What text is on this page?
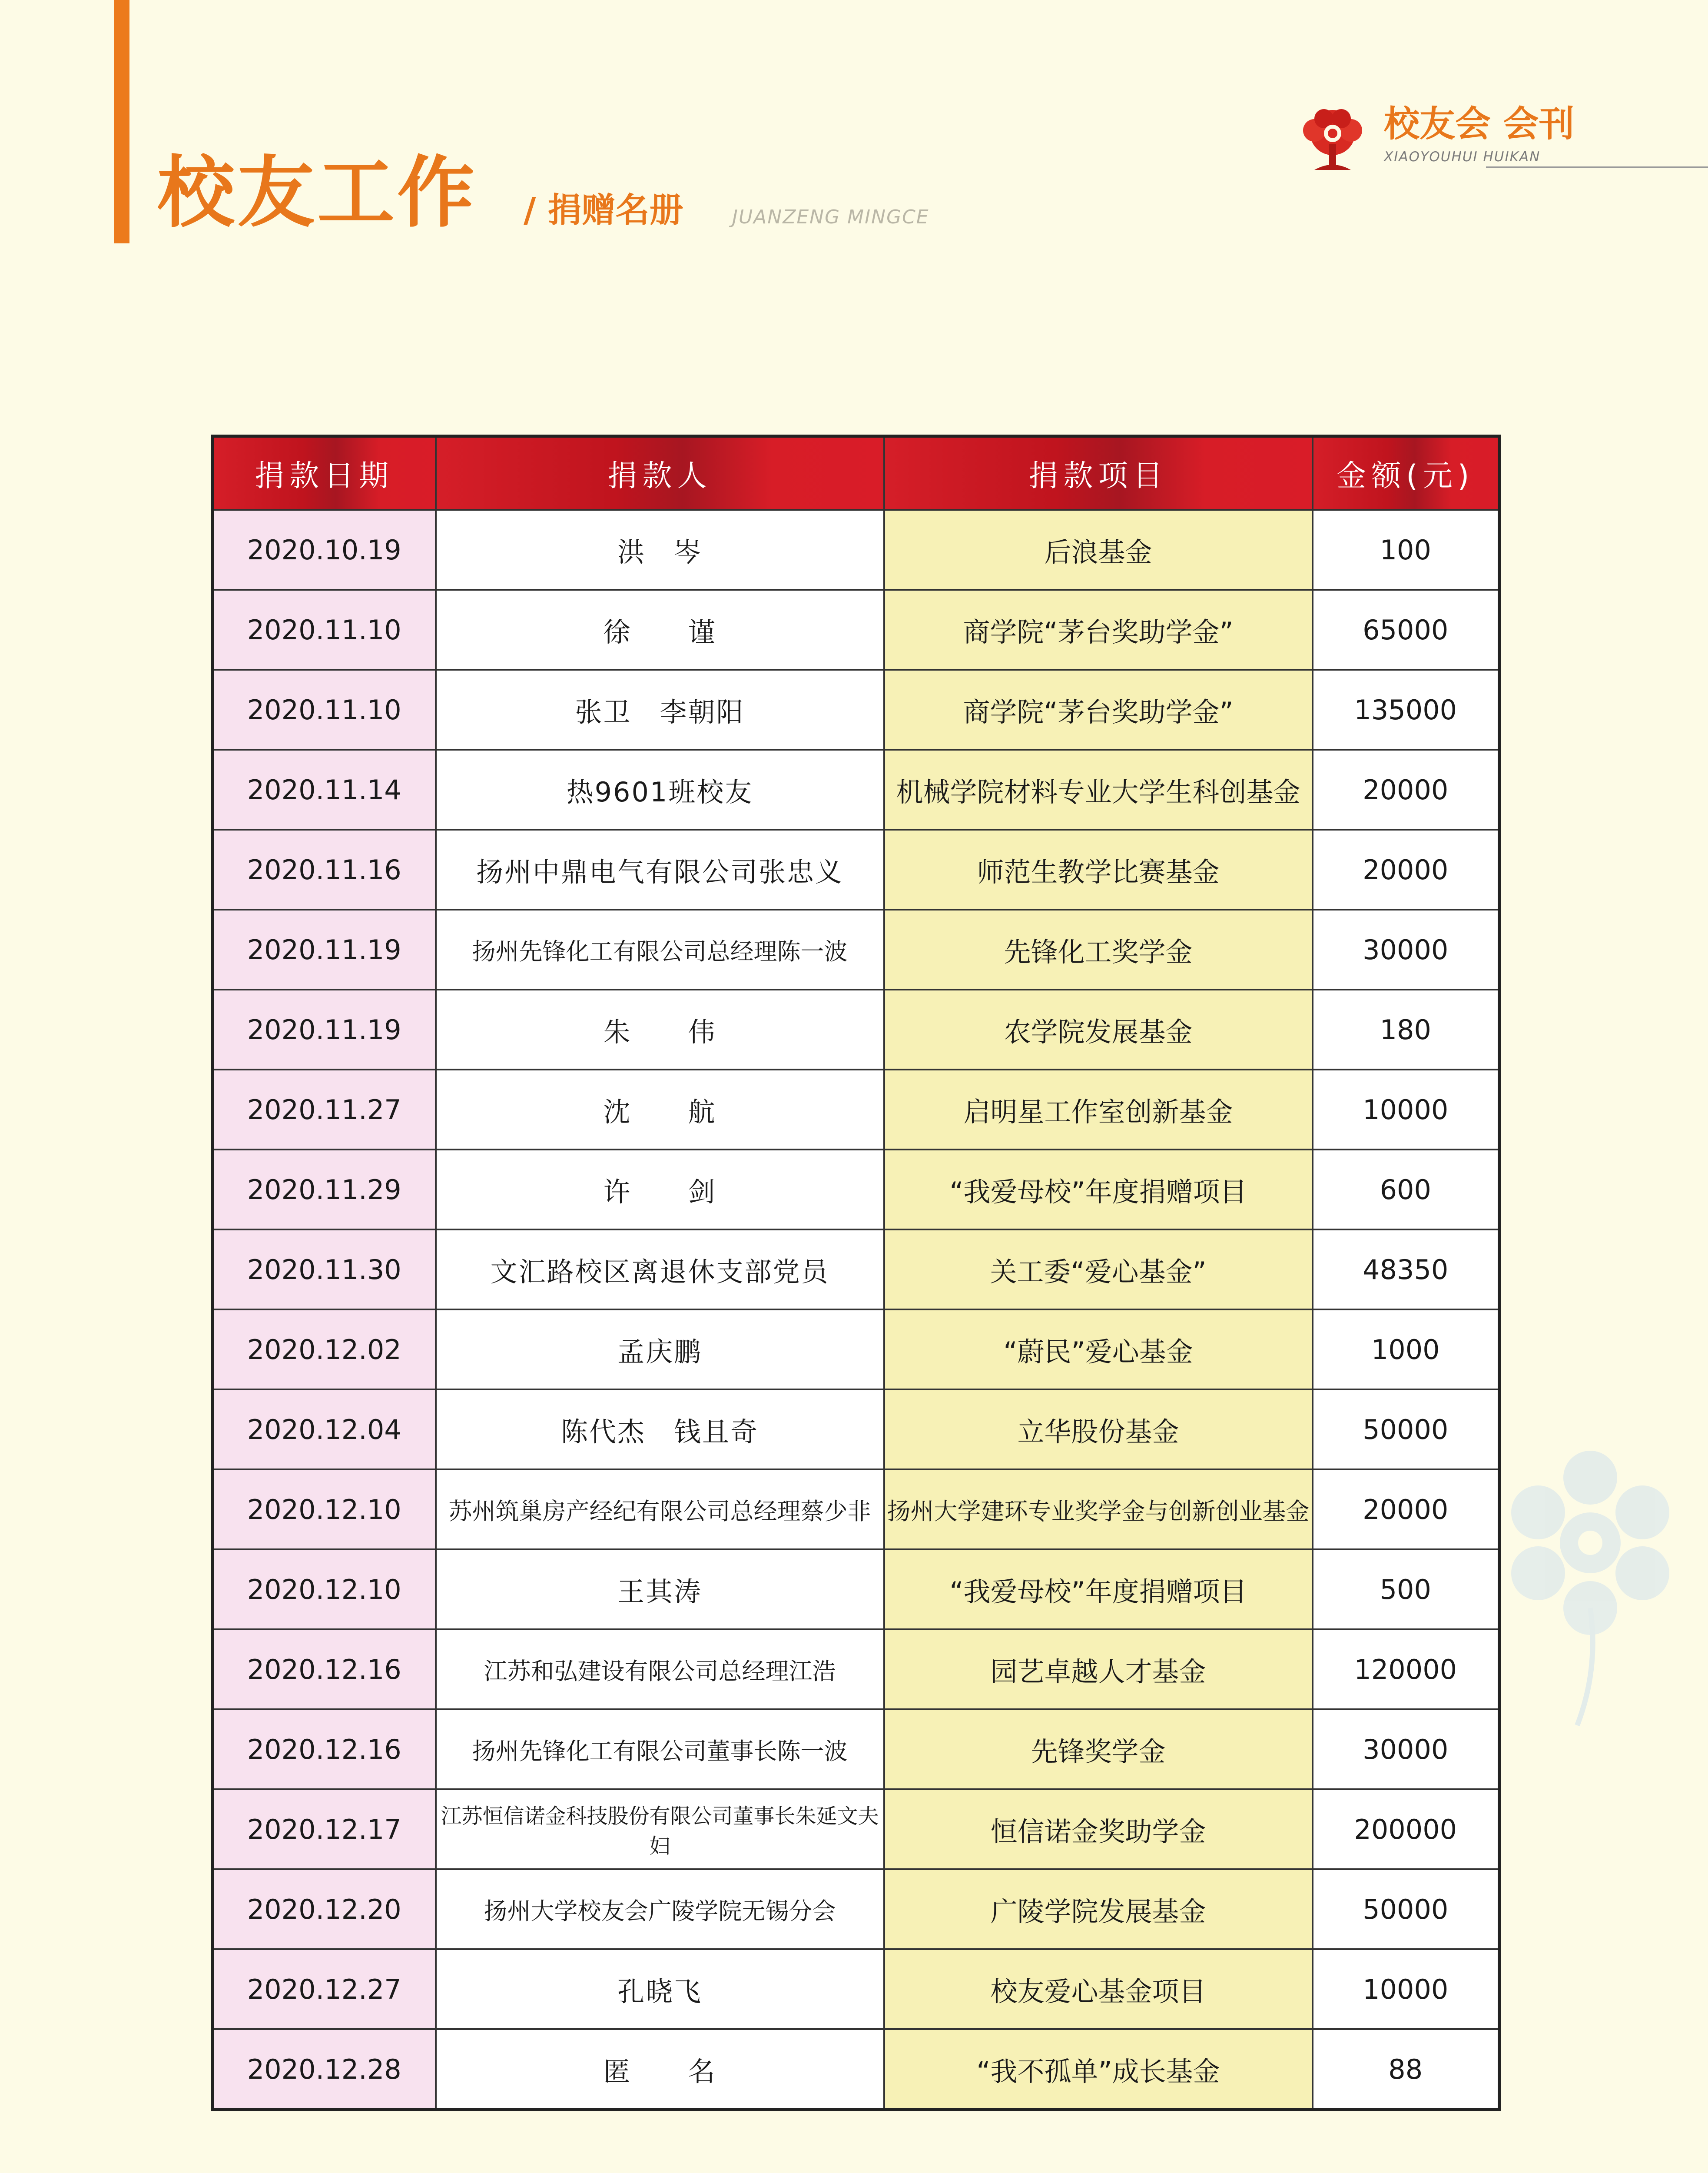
校友工作 / 捐赠名册	JUANZENG MINGCE
校友会 会刊
XIAOYOUHUI HUIKAN
捐款日期	捐款人	捐款项目	金额(元)
2020.10.19	洪　岑	后浪基金	100
2020.11.10	徐　　谨	商学院“茅台奖助学金”	65000
2020.11.10	张卫　李朝阳	商学院“茅台奖助学金”	135000
2020.11.14	热9601班校友	机械学院材料专业大学生科创基金	20000
2020.11.16	扬州中鼎电气有限公司张忠义	师范生教学比赛基金	20000
2020.11.19	扬州先锋化工有限公司总经理陈一波	先锋化工奖学金	30000
2020.11.19	朱　　伟	农学院发展基金	180
2020.11.27	沈　　航	启明星工作室创新基金	10000
2020.11.29	许　　剑	“我爱母校”年度捐赠项目	600
2020.11.30	文汇路校区离退休支部党员	关工委“爱心基金”	48350
2020.12.02	孟庆鹏	“蔚民”爱心基金	1000
2020.12.04	陈代杰　钱且奇	立华股份基金	50000
2020.12.10	苏州筑巢房产经纪有限公司总经理蔡少非	扬州大学建环专业奖学金与创新创业基金	20000
2020.12.10	王其涛	“我爱母校”年度捐赠项目	500
2020.12.16	江苏和弘建设有限公司总经理江浩	园艺卓越人才基金	120000
2020.12.16	扬州先锋化工有限公司董事长陈一波	先锋奖学金	30000
2020.12.17	江苏恒信诺金科技股份有限公司董事长朱延文夫妇	恒信诺金奖助学金	200000
2020.12.20	扬州大学校友会广陵学院无锡分会	广陵学院发展基金	50000
2020.12.27	孔晓飞	校友爱心基金项目	10000
2020.12.28	匿　　名	“我不孤单”成长基金	88
